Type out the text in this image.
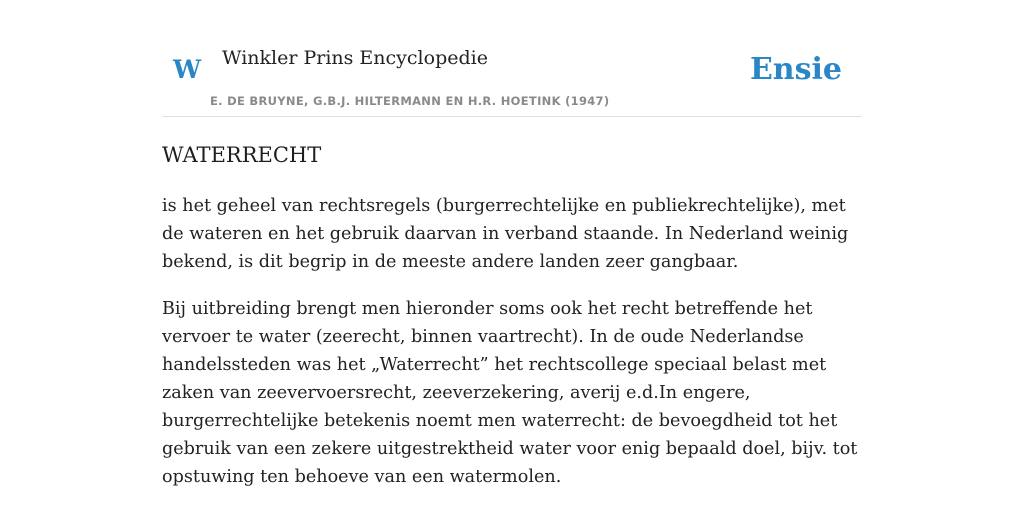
W Winkler Prins Encyclopedie
E. DE BRUYNE, G.B.J. HILTERMANN EN H.R. HOETINK (1947)
Ensie
WATERRECHT

is het geheel van rechtsregels (burgerrechtelijke en publiekrechtelijke), met de wateren en het gebruik daarvan in verband staande. In Nederland weinig bekend, is dit begrip in de meeste andere landen zeer gangbaar.

Bij uitbreiding brengt men hieronder soms ook het recht betreffende het vervoer te water (zeerecht, binnen vaartrecht). In de oude Nederlandse handelssteden was het „Waterrecht” het rechtscollege speciaal belast met zaken van zeevervoersrecht, zeeverzekering, averij e.d.In engere, burgerrechtelijke betekenis noemt men waterrecht: de bevoegdheid tot het gebruik van een zekere uitgestrektheid water voor enig bepaald doel, bijv. tot opstuwing ten behoeve van een watermolen.
